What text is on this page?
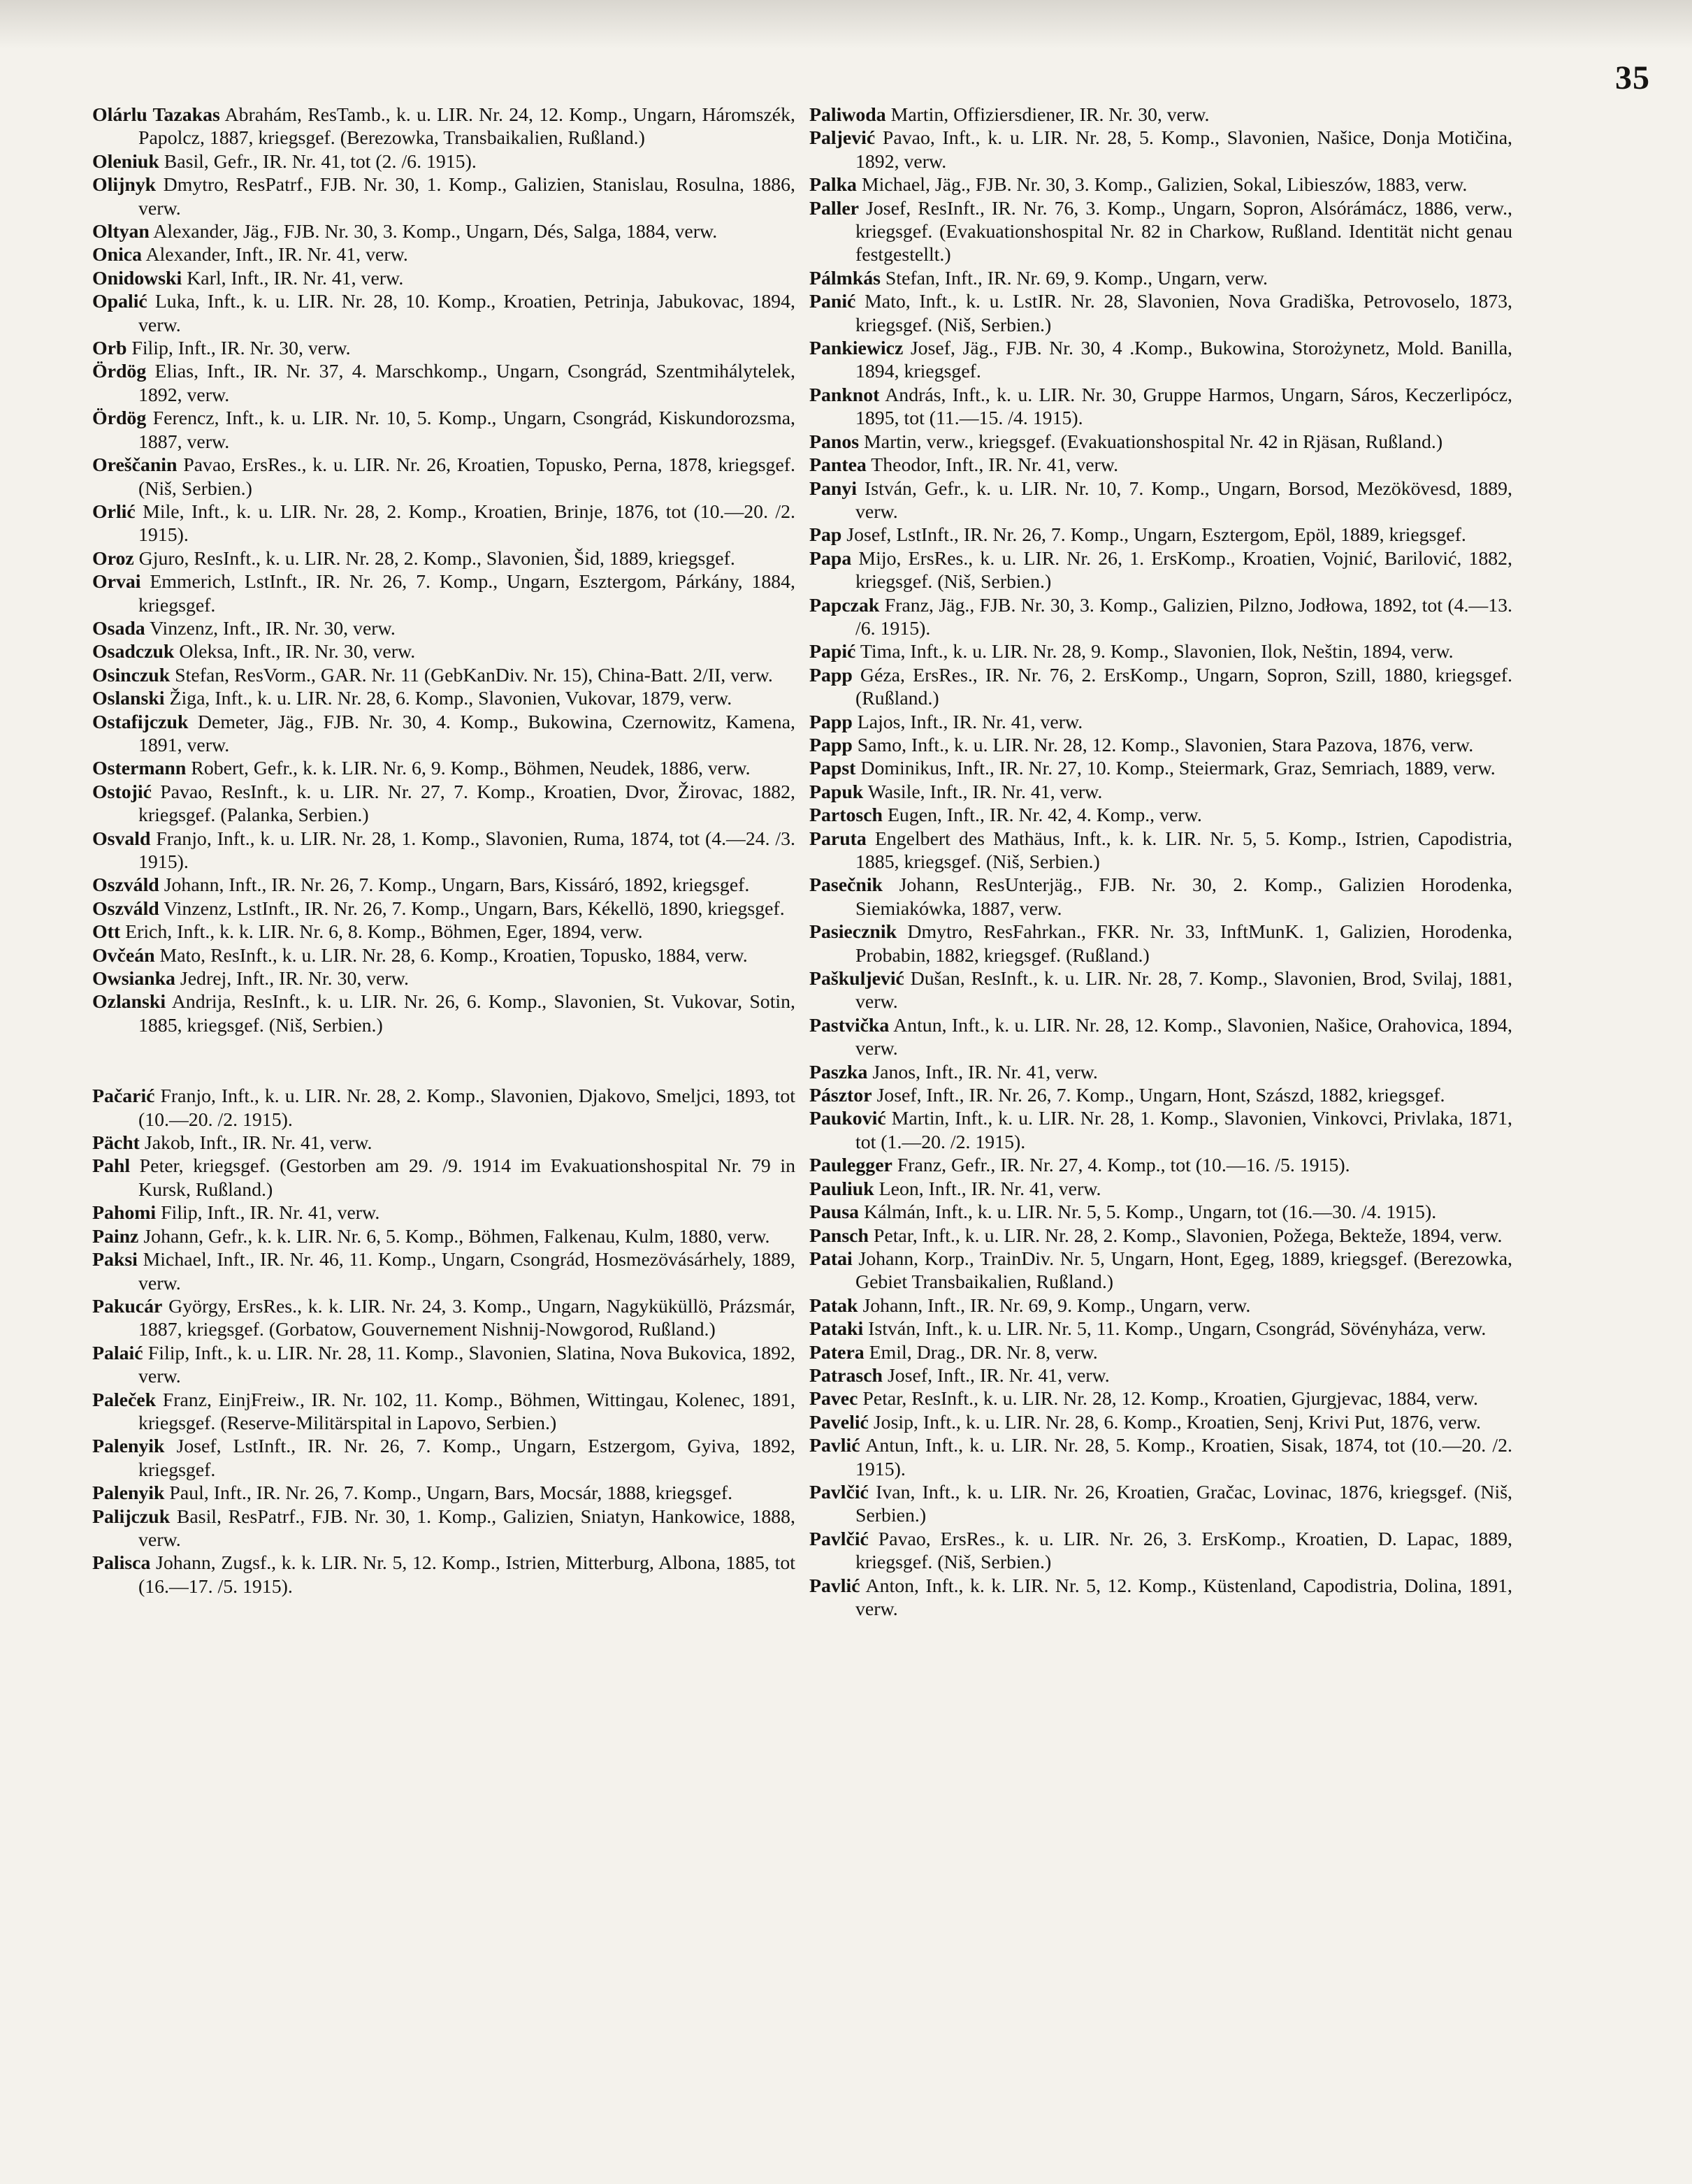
35
Olárlu Tazakas Abrahám, ResTamb., k. u. LIR. Nr. 24, 12. Komp., Ungarn, Háromszék, Papolcz, 1887, kriegsgef. (Berezowka, Transbaikalien, Rußland.)
Oleniuk Basil, Gefr., IR. Nr. 41, tot (2. /6. 1915).
Olijnyk Dmytro, ResPatrf., FJB. Nr. 30, 1. Komp., Galizien, Stanislau, Rosulna, 1886, verw.
Oltyan Alexander, Jäg., FJB. Nr. 30, 3. Komp., Ungarn, Dés, Salga, 1884, verw.
Onica Alexander, Inft., IR. Nr. 41, verw.
Onidowski Karl, Inft., IR. Nr. 41, verw.
Opalić Luka, Inft., k. u. LIR. Nr. 28, 10. Komp., Kroatien, Petrinja, Jabukovac, 1894, verw.
Orb Filip, Inft., IR. Nr. 30, verw.
Ördög Elias, Inft., IR. Nr. 37, 4. Marschkomp., Ungarn, Csongrád, Szentmihálytelek, 1892, verw.
Ördög Ferencz, Inft., k. u. LIR. Nr. 10, 5. Komp., Ungarn, Csongrád, Kiskundorozsma, 1887, verw.
Oreščanin Pavao, ErsRes., k. u. LIR. Nr. 26, Kroatien, Topusko, Perna, 1878, kriegsgef. (Niš, Serbien.)
Orlić Mile, Inft., k. u. LIR. Nr. 28, 2. Komp., Kroatien, Brinje, 1876, tot (10.—20. /2. 1915).
Oroz Gjuro, ResInft., k. u. LIR. Nr. 28, 2. Komp., Slavonien, Šid, 1889, kriegsgef.
Orvai Emmerich, LstInft., IR. Nr. 26, 7. Komp., Ungarn, Esztergom, Párkány, 1884, kriegsgef.
Osada Vinzenz, Inft., IR. Nr. 30, verw.
Osadczuk Oleksa, Inft., IR. Nr. 30, verw.
Osinczuk Stefan, ResVorm., GAR. Nr. 11 (GebKanDiv. Nr. 15), China-Batt. 2/II, verw.
Oslanski Žiga, Inft., k. u. LIR. Nr. 28, 6. Komp., Slavonien, Vukovar, 1879, verw.
Ostafijczuk Demeter, Jäg., FJB. Nr. 30, 4. Komp., Bukowina, Czernowitz, Kamena, 1891, verw.
Ostermann Robert, Gefr., k. k. LIR. Nr. 6, 9. Komp., Böhmen, Neudek, 1886, verw.
Ostojić Pavao, ResInft., k. u. LIR. Nr. 27, 7. Komp., Kroatien, Dvor, Žirovac, 1882, kriegsgef. (Palanka, Serbien.)
Osvald Franjo, Inft., k. u. LIR. Nr. 28, 1. Komp., Slavonien, Ruma, 1874, tot (4.—24. /3. 1915).
Oszváld Johann, Inft., IR. Nr. 26, 7. Komp., Ungarn, Bars, Kissáró, 1892, kriegsgef.
Oszváld Vinzenz, LstInft., IR. Nr. 26, 7. Komp., Ungarn, Bars, Kékellö, 1890, kriegsgef.
Ott Erich, Inft., k. k. LIR. Nr. 6, 8. Komp., Böhmen, Eger, 1894, verw.
Ovčeán Mato, ResInft., k. u. LIR. Nr. 28, 6. Komp., Kroatien, Topusko, 1884, verw.
Owsianka Jedrej, Inft., IR. Nr. 30, verw.
Ozlanski Andrija, ResInft., k. u. LIR. Nr. 26, 6. Komp., Slavonien, St. Vukovar, Sotin, 1885, kriegsgef. (Niš, Serbien.)
Pačarić Franjo, Inft., k. u. LIR. Nr. 28, 2. Komp., Slavonien, Djakovo, Smeljci, 1893, tot (10.—20. /2. 1915).
Pächt Jakob, Inft., IR. Nr. 41, verw.
Pahl Peter, kriegsgef. (Gestorben am 29. /9. 1914 im Evakuationshospital Nr. 79 in Kursk, Rußland.)
Pahomi Filip, Inft., IR. Nr. 41, verw.
Painz Johann, Gefr., k. k. LIR. Nr. 6, 5. Komp., Böhmen, Falkenau, Kulm, 1880, verw.
Paksi Michael, Inft., IR. Nr. 46, 11. Komp., Ungarn, Csongrád, Hosmezövásárhely, 1889, verw.
Pakucár György, ErsRes., k. k. LIR. Nr. 24, 3. Komp., Ungarn, Nagyküküllö, Prázsmár, 1887, kriegsgef. (Gorbatow, Gouvernement Nishnij-Nowgorod, Rußland.)
Palaić Filip, Inft., k. u. LIR. Nr. 28, 11. Komp., Slavonien, Slatina, Nova Bukovica, 1892, verw.
Paleček Franz, EinjFreiw., IR. Nr. 102, 11. Komp., Böhmen, Wittingau, Kolenec, 1891, kriegsgef. (Reserve-Militärspital in Lapovo, Serbien.)
Palenyik Josef, LstInft., IR. Nr. 26, 7. Komp., Ungarn, Estzergom, Gyiva, 1892, kriegsgef.
Palenyik Paul, Inft., IR. Nr. 26, 7. Komp., Ungarn, Bars, Mocsár, 1888, kriegsgef.
Palijczuk Basil, ResPatrf., FJB. Nr. 30, 1. Komp., Galizien, Sniatyn, Hankowice, 1888, verw.
Palisca Johann, Zugsf., k. k. LIR. Nr. 5, 12. Komp., Istrien, Mitterburg, Albona, 1885, tot (16.—17. /5. 1915).
Paliwoda Martin, Offiziersdiener, IR. Nr. 30, verw.
Paljević Pavao, Inft., k. u. LIR. Nr. 28, 5. Komp., Slavonien, Našice, Donja Motičina, 1892, verw.
Palka Michael, Jäg., FJB. Nr. 30, 3. Komp., Galizien, Sokal, Libieszów, 1883, verw.
Paller Josef, ResInft., IR. Nr. 76, 3. Komp., Ungarn, Sopron, Alsórámácz, 1886, verw., kriegsgef. (Evakuationshospital Nr. 82 in Charkow, Rußland. Identität nicht genau festgestellt.)
Pálmkás Stefan, Inft., IR. Nr. 69, 9. Komp., Ungarn, verw.
Panić Mato, Inft., k. u. LstIR. Nr. 28, Slavonien, Nova Gradiška, Petrovoselo, 1873, kriegsgef. (Niš, Serbien.)
Pankiewicz Josef, Jäg., FJB. Nr. 30, 4 .Komp., Bukowina, Storożynetz, Mold. Banilla, 1894, kriegsgef.
Panknot András, Inft., k. u. LIR. Nr. 30, Gruppe Harmos, Ungarn, Sáros, Keczerlipócz, 1895, tot (11.—15. /4. 1915).
Panos Martin, verw., kriegsgef. (Evakuationshospital Nr. 42 in Rjäsan, Rußland.)
Pantea Theodor, Inft., IR. Nr. 41, verw.
Panyi István, Gefr., k. u. LIR. Nr. 10, 7. Komp., Ungarn, Borsod, Mezökövesd, 1889, verw.
Pap Josef, LstInft., IR. Nr. 26, 7. Komp., Ungarn, Esztergom, Epöl, 1889, kriegsgef.
Papa Mijo, ErsRes., k. u. LIR. Nr. 26, 1. ErsKomp., Kroatien, Vojnić, Barilović, 1882, kriegsgef. (Niš, Serbien.)
Papczak Franz, Jäg., FJB. Nr. 30, 3. Komp., Galizien, Pilzno, Jodłowa, 1892, tot (4.—13. /6. 1915).
Papić Tima, Inft., k. u. LIR. Nr. 28, 9. Komp., Slavonien, Ilok, Neštin, 1894, verw.
Papp Géza, ErsRes., IR. Nr. 76, 2. ErsKomp., Ungarn, Sopron, Szill, 1880, kriegsgef. (Rußland.)
Papp Lajos, Inft., IR. Nr. 41, verw.
Papp Samo, Inft., k. u. LIR. Nr. 28, 12. Komp., Slavonien, Stara Pazova, 1876, verw.
Papst Dominikus, Inft., IR. Nr. 27, 10. Komp., Steiermark, Graz, Semriach, 1889, verw.
Papuk Wasile, Inft., IR. Nr. 41, verw.
Partosch Eugen, Inft., IR. Nr. 42, 4. Komp., verw.
Paruta Engelbert des Mathäus, Inft., k. k. LIR. Nr. 5, 5. Komp., Istrien, Capodistria, 1885, kriegsgef. (Niš, Serbien.)
Pasečnik Johann, ResUnterjäg., FJB. Nr. 30, 2. Komp., Galizien Horodenka, Siemiakówka, 1887, verw.
Pasiecznik Dmytro, ResFahrkan., FKR. Nr. 33, InftMunK. 1, Galizien, Horodenka, Probabin, 1882, kriegsgef. (Rußland.)
Paškuljević Dušan, ResInft., k. u. LIR. Nr. 28, 7. Komp., Slavonien, Brod, Svilaj, 1881, verw.
Pastvička Antun, Inft., k. u. LIR. Nr. 28, 12. Komp., Slavonien, Našice, Orahovica, 1894, verw.
Paszka Janos, Inft., IR. Nr. 41, verw.
Pásztor Josef, Inft., IR. Nr. 26, 7. Komp., Ungarn, Hont, Szászd, 1882, kriegsgef.
Pauković Martin, Inft., k. u. LIR. Nr. 28, 1. Komp., Slavonien, Vinkovci, Privlaka, 1871, tot (1.—20. /2. 1915).
Paulegger Franz, Gefr., IR. Nr. 27, 4. Komp., tot (10.—16. /5. 1915).
Pauliuk Leon, Inft., IR. Nr. 41, verw.
Pausa Kálmán, Inft., k. u. LIR. Nr. 5, 5. Komp., Ungarn, tot (16.—30. /4. 1915).
Pansch Petar, Inft., k. u. LIR. Nr. 28, 2. Komp., Slavonien, Požega, Bekteže, 1894, verw.
Patai Johann, Korp., TrainDiv. Nr. 5, Ungarn, Hont, Egeg, 1889, kriegsgef. (Berezowka, Gebiet Transbaikalien, Rußland.)
Patak Johann, Inft., IR. Nr. 69, 9. Komp., Ungarn, verw.
Pataki István, Inft., k. u. LIR. Nr. 5, 11. Komp., Ungarn, Csongrád, Sövényháza, verw.
Patera Emil, Drag., DR. Nr. 8, verw.
Patrasch Josef, Inft., IR. Nr. 41, verw.
Pavec Petar, ResInft., k. u. LIR. Nr. 28, 12. Komp., Kroatien, Gjurgjevac, 1884, verw.
Pavelić Josip, Inft., k. u. LIR. Nr. 28, 6. Komp., Kroatien, Senj, Krivi Put, 1876, verw.
Pavlić Antun, Inft., k. u. LIR. Nr. 28, 5. Komp., Kroatien, Sisak, 1874, tot (10.—20. /2. 1915).
Pavlčić Ivan, Inft., k. u. LIR. Nr. 26, Kroatien, Gračac, Lovinac, 1876, kriegsgef. (Niš, Serbien.)
Pavlčić Pavao, ErsRes., k. u. LIR. Nr. 26, 3. ErsKomp., Kroatien, D. Lapac, 1889, kriegsgef. (Niš, Serbien.)
Pavlić Anton, Inft., k. k. LIR. Nr. 5, 12. Komp., Küstenland, Capodistria, Dolina, 1891, verw.
